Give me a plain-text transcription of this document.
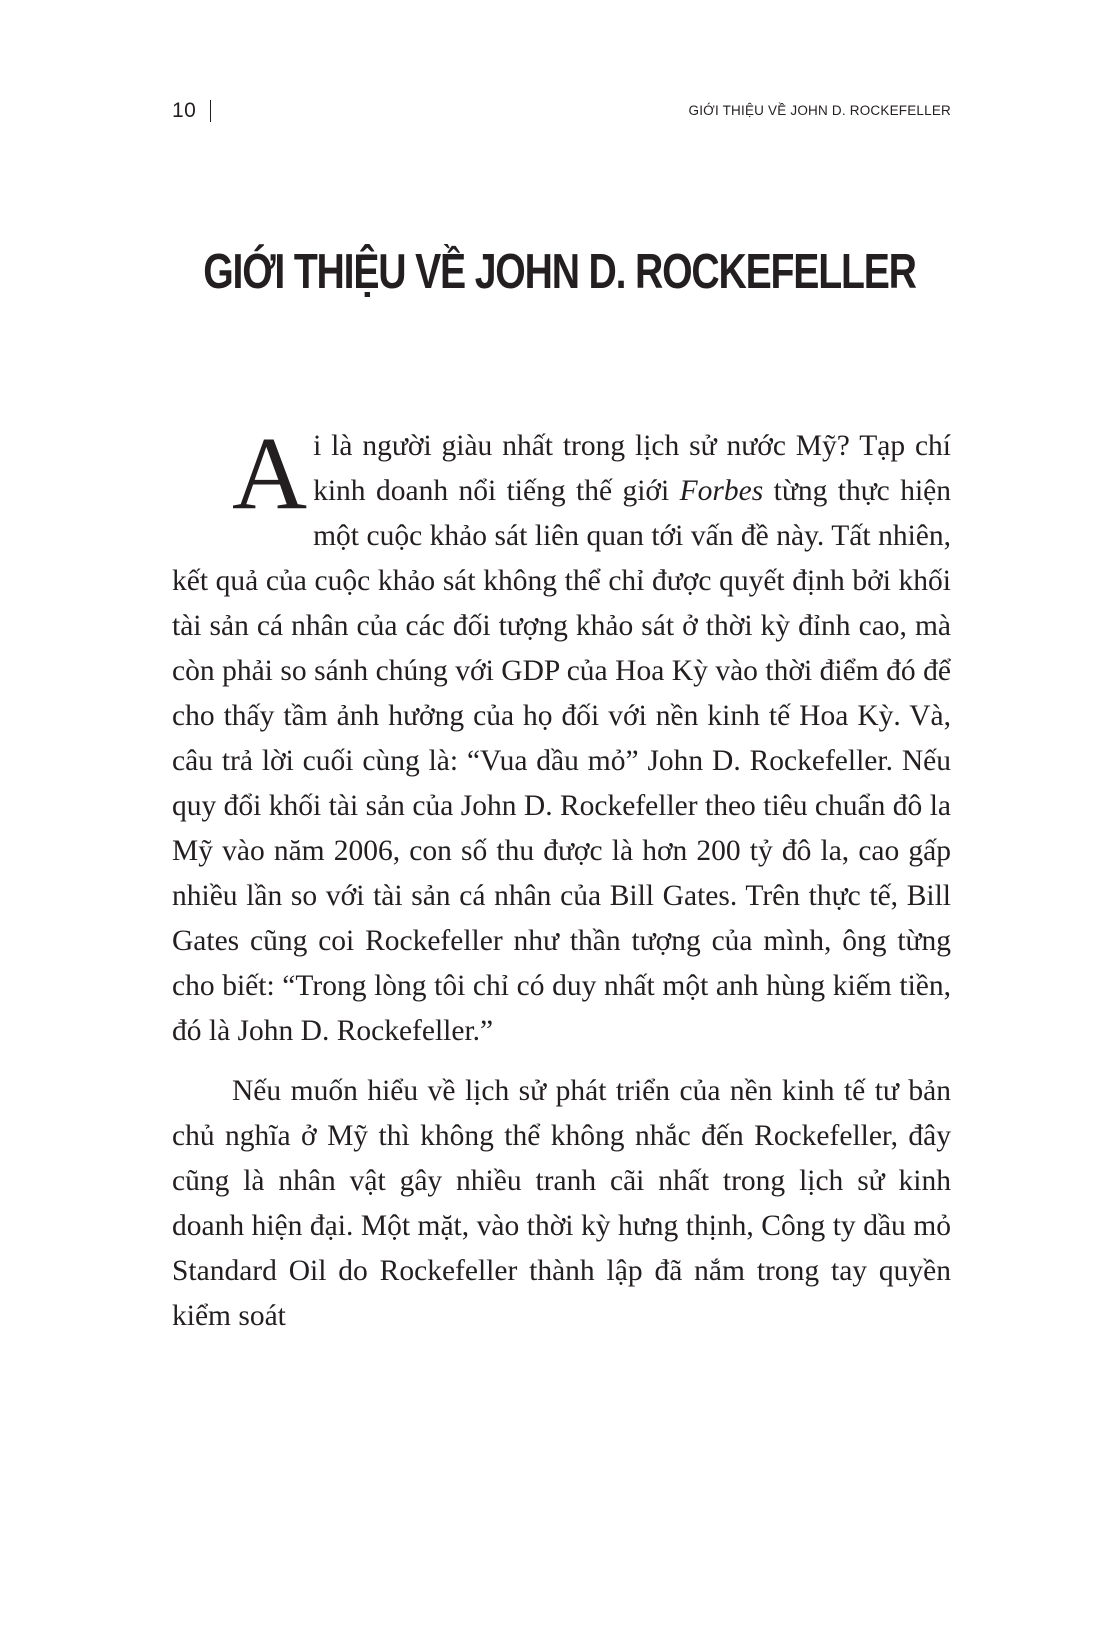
10	GIỚI THIỆU VỀ JOHN D. ROCKEFELLER
GIỚI THIỆU VỀ JOHN D. ROCKEFELLER

Ai là người giàu nhất trong lịch sử nước Mỹ? Tạp chí kinh doanh nổi tiếng thế giới Forbes từng thực hiện một cuộc khảo sát liên quan tới vấn đề này. Tất nhiên, kết quả của cuộc khảo sát không thể chỉ được quyết định bởi khối tài sản cá nhân của các đối tượng khảo sát ở thời kỳ đỉnh cao, mà còn phải so sánh chúng với GDP của Hoa Kỳ vào thời điểm đó để cho thấy tầm ảnh hưởng của họ đối với nền kinh tế Hoa Kỳ. Và, câu trả lời cuối cùng là: “Vua dầu mỏ” John D. Rockefeller. Nếu quy đổi khối tài sản của John D. Rockefeller theo tiêu chuẩn đô la Mỹ vào năm 2006, con số thu được là hơn 200 tỷ đô la, cao gấp nhiều lần so với tài sản cá nhân của Bill Gates. Trên thực tế, Bill Gates cũng coi Rockefeller như thần tượng của mình, ông từng cho biết: “Trong lòng tôi chỉ có duy nhất một anh hùng kiếm tiền, đó là John D. Rockefeller.”

Nếu muốn hiểu về lịch sử phát triển của nền kinh tế tư bản chủ nghĩa ở Mỹ thì không thể không nhắc đến Rockefeller, đây cũng là nhân vật gây nhiều tranh cãi nhất trong lịch sử kinh doanh hiện đại. Một mặt, vào thời kỳ hưng thịnh, Công ty dầu mỏ Standard Oil do Rockefeller thành lập đã nắm trong tay quyền kiểm soát
